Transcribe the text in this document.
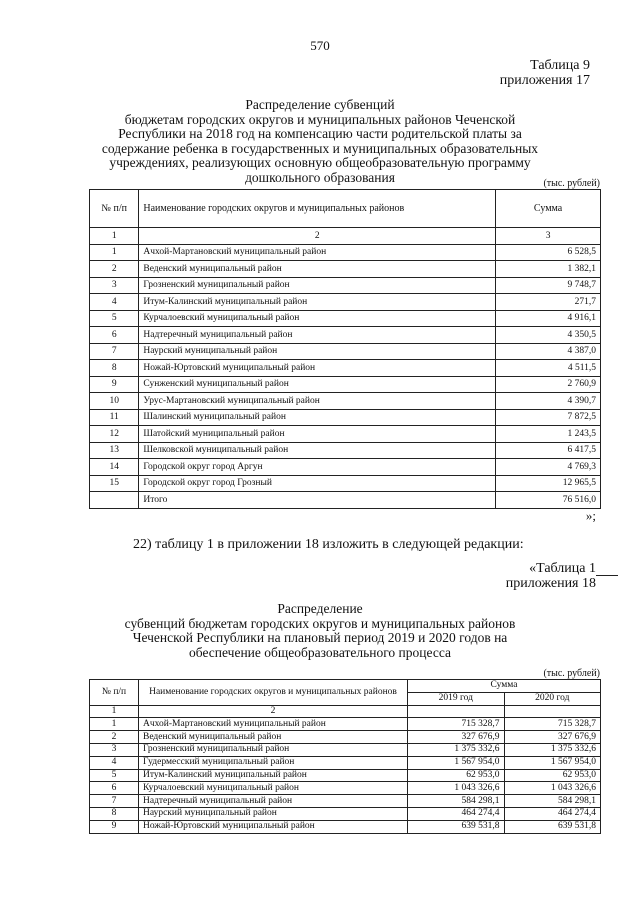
570
Таблица 9
приложения 17
Распределение субвенций
бюджетам городских округов и муниципальных районов Чеченской
Республики на 2018 год на компенсацию части родительской платы за
содержание ребенка в государственных и муниципальных образовательных
учреждениях, реализующих основную общеобразовательную программу
дошкольного образования	(тыс. рублей)
№ п/п	Наименование городских округов и муниципальных районов	Сумма
1	2	3
1	Ачхой-Мартановский муниципальный район	6 528,5
2	Веденский муниципальный район	1 382,1
3	Грозненский муниципальный район	9 748,7
4	Итум-Калинский муниципальный район	271,7
5	Курчалоевский муниципальный район	4 916,1
6	Надтеречный муниципальный район	4 350,5
7	Наурский муниципальный район	4 387,0
8	Ножай-Юртовский муниципальный район	4 511,5
9	Сунженский муниципальный район	2 760,9
10	Урус-Мартановский муниципальный район	4 390,7
11	Шалинский муниципальный район	7 872,5
12	Шатойский муниципальный район	1 243,5
13	Шелковской муниципальный район	6 417,5
14	Городской округ город Аргун	4 769,3
15	Городской округ город Грозный	12 965,5
	Итого	76 516,0
»;
22) таблицу 1 в приложении 18 изложить в следующей редакции:
«Таблица 1
приложения 18
Распределение
субвенций бюджетам городских округов и муниципальных районов
Чеченской Республики на плановый период 2019 и 2020 годов на
обеспечение общеобразовательного процесса
(тыс. рублей)
№ п/п	Наименование городских округов и муниципальных районов	Сумма	
		2019 год	2020 год
1	2		
1	Ачхой-Мартановский муниципальный район	715 328,7	715 328,7
2	Веденский муниципальный район	327 676,9	327 676,9
3	Грозненский муниципальный район	1 375 332,6	1 375 332,6
4	Гудермесский муниципальный район	1 567 954,0	1 567 954,0
5	Итум-Калинский муниципальный район	62 953,0	62 953,0
6	Курчалоевский муниципальный район	1 043 326,6	1 043 326,6
7	Надтеречный муниципальный район	584 298,1	584 298,1
8	Наурский муниципальный район	464 274,4	464 274,4
9	Ножай-Юртовский муниципальный район	639 531,8	639 531,8
